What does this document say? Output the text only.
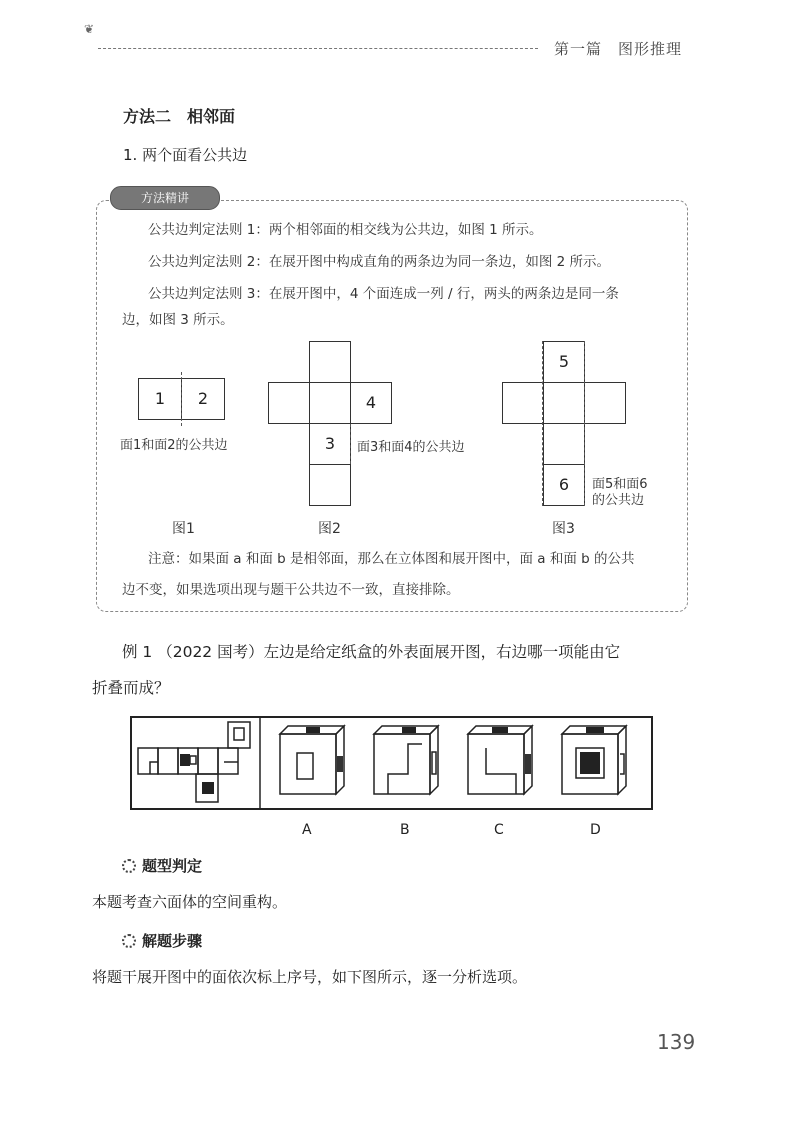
❦
第一篇　图形推理
方法二　相邻面
1. 两个面看公共边
方法精讲
公共边判定法则 1：两个相邻面的相交线为公共边，如图 1 所示。
公共边判定法则 2：在展开图中构成直角的两条边为同一条边，如图 2 所示。
公共边判定法则 3：在展开图中，4 个面连成一列 / 行，两头的两条边是同一条
边，如图 3 所示。
1	2
面1和面2的公共边
图1
4
3	面3和面4的公共边
图2
5
6	面5和面6
的公共边
图3
注意：如果面 a 和面 b 是相邻面，那么在立体图和展开图中，面 a 和面 b 的公共
边不变，如果选项出现与题干公共边不一致，直接排除。
例 1 （2022 国考）左边是给定纸盒的外表面展开图，右边哪一项能由它
折叠而成？
A	B	C	D
题型判定
本题考查六面体的空间重构。
解题步骤
将题干展开图中的面依次标上序号，如下图所示，逐一分析选项。
139
